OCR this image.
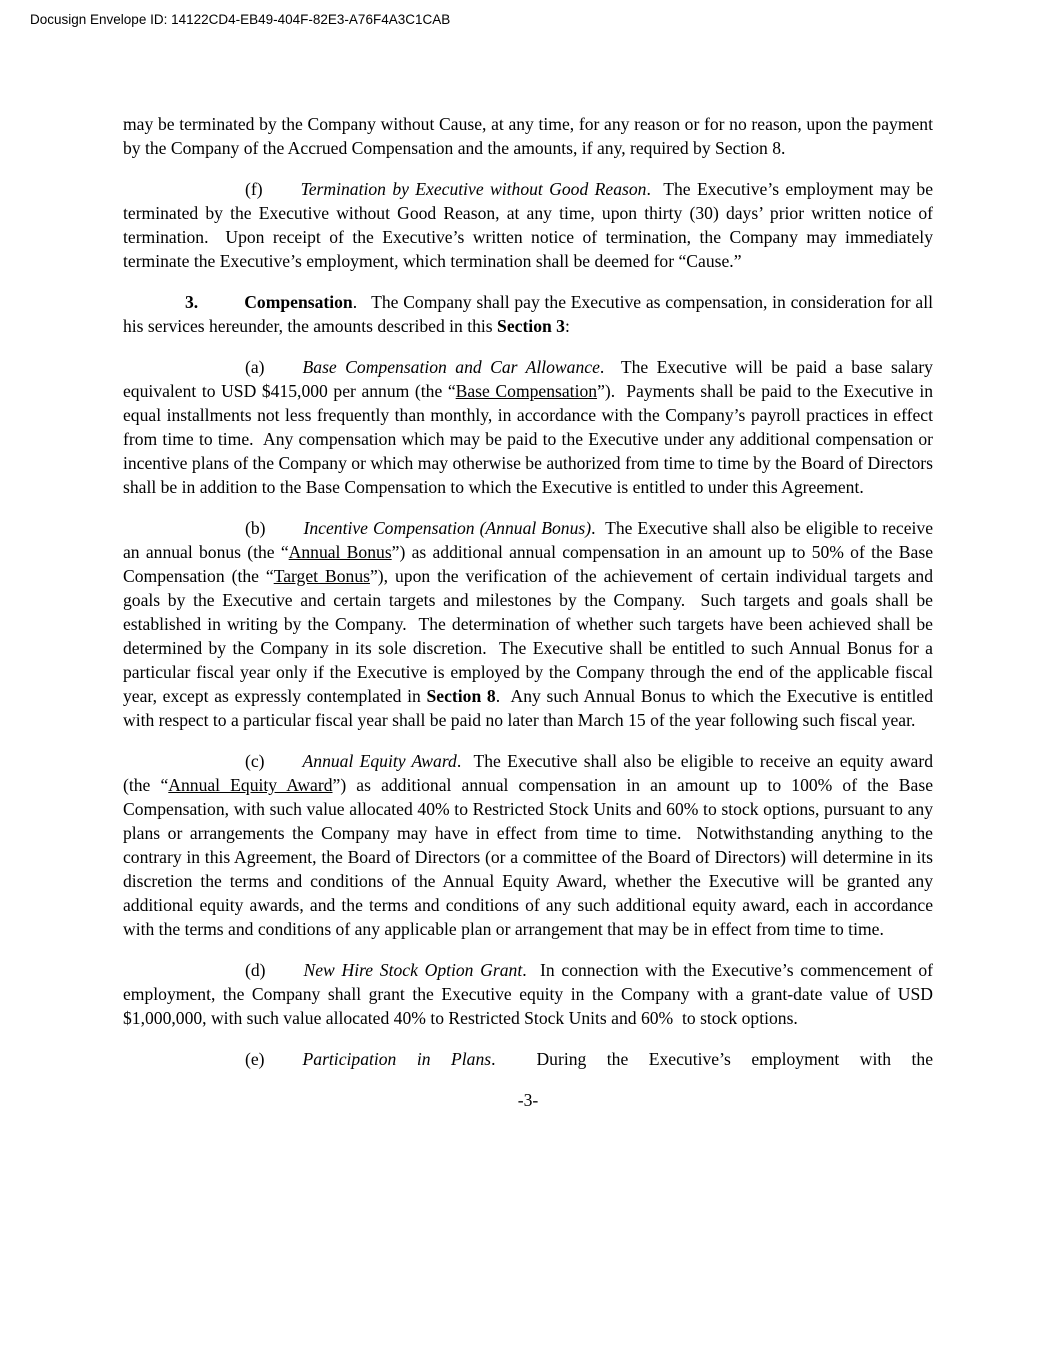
Docusign Envelope ID: 14122CD4-EB49-404F-82E3-A76F4A3C1CAB

may be terminated by the Company without Cause, at any time, for any reason or for no reason, upon the payment by the Company of the Accrued Compensation and the amounts, if any, required by Section 8.

(f) Termination by Executive without Good Reason.  The Executive’s employment may be terminated by the Executive without Good Reason, at any time, upon thirty (30) days’ prior written notice of termination.  Upon receipt of the Executive’s written notice of termination, the Company may immediately terminate the Executive’s employment, which termination shall be deemed for “Cause.”

3.	Compensation.   The Company shall pay the Executive as compensation, in consideration for all his services hereunder, the amounts described in this Section 3:

(a) Base Compensation and Car Allowance.  The Executive will be paid a base salary equivalent to USD $415,000 per annum (the “Base Compensation”).  Payments shall be paid to the Executive in equal installments not less frequently than monthly, in accordance with the Company’s payroll practices in effect from time to time.  Any compensation which may be paid to the Executive under any additional compensation or incentive plans of the Company or which may otherwise be authorized from time to time by the Board of Directors shall be in addition to the Base Compensation to which the Executive is entitled to under this Agreement.

(b) Incentive Compensation (Annual Bonus).  The Executive shall also be eligible to receive an annual bonus (the “Annual Bonus”) as additional annual compensation in an amount up to 50% of the Base Compensation (the “Target Bonus”), upon the verification of the achievement of certain individual targets and goals by the Executive and certain targets and milestones by the Company.  Such targets and goals shall be established in writing by the Company.  The determination of whether such targets have been achieved shall be determined by the Company in its sole discretion.  The Executive shall be entitled to such Annual Bonus for a particular fiscal year only if the Executive is employed by the Company through the end of the applicable fiscal year, except as expressly contemplated in Section 8.  Any such Annual Bonus to which the Executive is entitled with respect to a particular fiscal year shall be paid no later than March 15 of the year following such fiscal year.

(c) Annual Equity Award.  The Executive shall also be eligible to receive an equity award (the “Annual Equity Award”) as additional annual compensation in an amount up to 100% of the Base Compensation, with such value allocated 40% to Restricted Stock Units and 60% to stock options, pursuant to any plans or arrangements the Company may have in effect from time to time.  Notwithstanding anything to the contrary in this Agreement, the Board of Directors (or a committee of the Board of Directors) will determine in its discretion the terms and conditions of the Annual Equity Award, whether the Executive will be granted any additional equity awards, and the terms and conditions of any such additional equity award, each in accordance with the terms and conditions of any applicable plan or arrangement that may be in effect from time to time.

(d) New Hire Stock Option Grant.  In connection with the Executive’s commencement of employment, the Company shall grant the Executive equity in the Company with a grant-date value of USD $1,000,000, with such value allocated 40% to Restricted Stock Units and 60%  to stock options.

(e) Participation in Plans.  During the Executive’s employment with the

-3-
